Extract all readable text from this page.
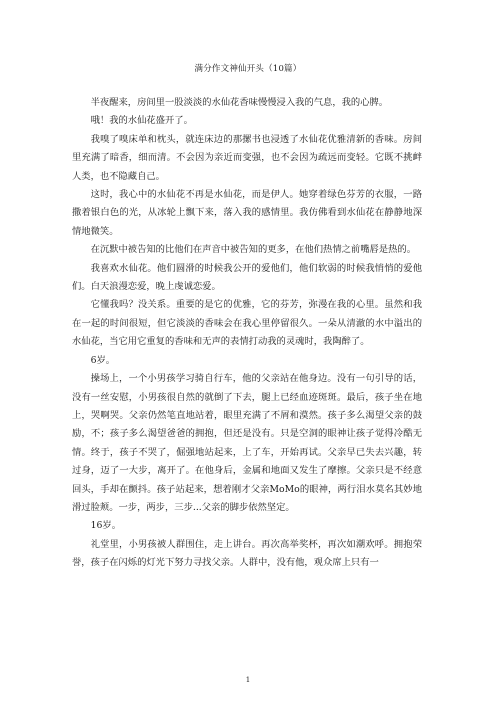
满分作文神仙开头（10篇）

半夜醒来，房间里一股淡淡的水仙花香味慢慢浸入我的气息，我的心脾。

哦！我的水仙花盛开了。

我嗅了嗅床单和枕头，就连床边的那摞书也浸透了水仙花优雅清新的香味。房间里充满了暗香，细而清。不会因为亲近而变强，也不会因为疏远而变轻。它既不挑衅人类，也不隐藏自己。

这时，我心中的水仙花不再是水仙花，而是伊人。她穿着绿色芬芳的衣服，一路撒着银白色的光，从冰轮上飘下来，落入我的感情里。我仿佛看到水仙花在静静地深情地微笑。

在沉默中被告知的比他们在声音中被告知的更多，在他们热情之前嘴唇是热的。

我喜欢水仙花。他们圆滑的时候我公开的爱他们，他们软弱的时候我悄悄的爱他们。白天浪漫恋爱，晚上虔诚恋爱。

它懂我吗？没关系。重要的是它的优雅，它的芬芳，弥漫在我的心里。虽然和我在一起的时间很短，但它淡淡的香味会在我心里停留很久。一朵从清澈的水中溢出的水仙花，当它用它重复的香味和无声的表情打动我的灵魂时，我陶醉了。

6岁。

操场上，一个小男孩学习骑自行车，他的父亲站在他身边。没有一句引导的话，没有一丝安慰，小男孩很自然的就倒了下去，腿上已经血迹斑斑。最后，孩子坐在地上，哭啊哭。父亲仍然笔直地站着，眼里充满了不屑和漠然。孩子多么渴望父亲的鼓励，不；孩子多么渴望爸爸的拥抱，但还是没有。只是空洞的眼神让孩子觉得冷酷无情。终于，孩子不哭了，倔强地站起来，上了车，开始再试。父亲早已失去兴趣，转过身，迈了一大步，离开了。在他身后，金属和地面又发生了摩擦。父亲只是不经意回头，手却在颤抖。孩子站起来，想着刚才父亲MoMo的眼神，两行泪水莫名其妙地滑过脸颊。一步，两步，三步...父亲的脚步依然坚定。

16岁。

礼堂里，小男孩被人群围住，走上讲台。再次高举奖杯，再次如潮欢呼。拥抱荣誉，孩子在闪烁的灯光下努力寻找父亲。人群中，没有他，观众席上只有一

1
